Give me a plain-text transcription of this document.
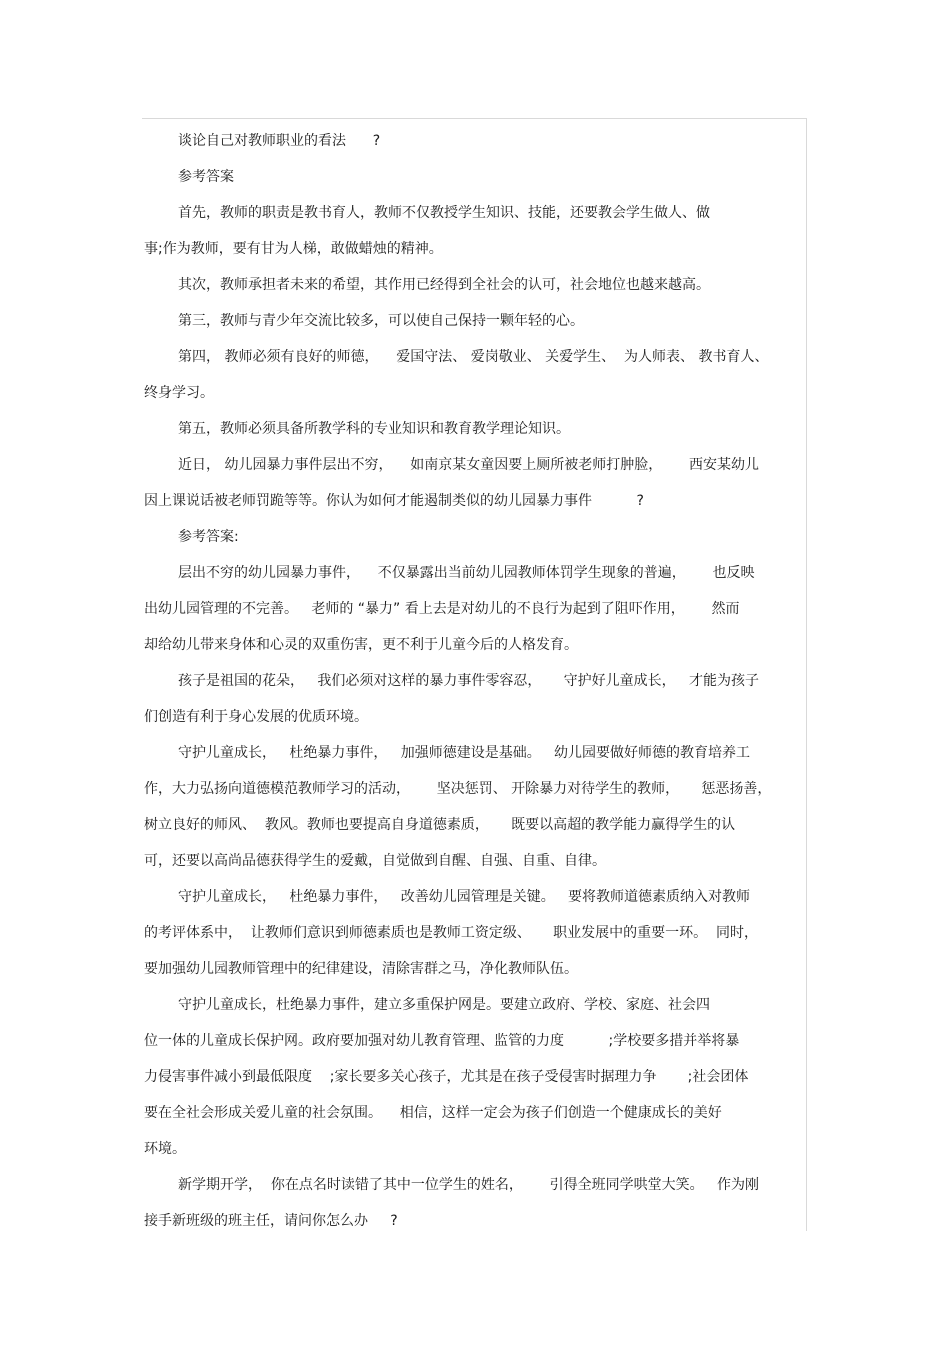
谈论自己对教师职业的看法      ?

参考答案

首先，教师的职责是教书育人，教师不仅教授学生知识、技能，还要教会学生做人、做

事;作为教师，要有甘为人梯，敢做蜡烛的精神。

其次，教师承担者未来的希望，其作用已经得到全社会的认可，社会地位也越来越高。

第三，教师与青少年交流比较多，可以使自己保持一颗年轻的心。

第四， 教师必须有良好的师德，    爱国守法、 爱岗敬业、 关爱学生、  为人师表、 教书育人、

终身学习。

第五，教师必须具备所教学科的专业知识和教育教学理论知识。

近日， 幼儿园暴力事件层出不穷，    如南京某女童因要上厕所被老师打肿脸，      西安某幼儿

因上课说话被老师罚跪等等。你认为如何才能遏制类似的幼儿园暴力事件          ?

参考答案:

层出不穷的幼儿园暴力事件，    不仅暴露出当前幼儿园教师体罚学生现象的普遍，      也反映

出幼儿园管理的不完善。   老师的 “暴力” 看上去是对幼儿的不良行为起到了阻吓作用，      然而

却给幼儿带来身体和心灵的双重伤害，更不利于儿童今后的人格发育。

孩子是祖国的花朵，   我们必须对这样的暴力事件零容忍，     守护好儿童成长，   才能为孩子

们创造有利于身心发展的优质环境。

守护儿童成长，   杜绝暴力事件，   加强师德建设是基础。   幼儿园要做好师德的教育培养工

作，大力弘扬向道德模范教师学习的活动，      坚决惩罚、 开除暴力对待学生的教师，     惩恶扬善，

树立良好的师风、  教风。教师也要提高自身道德素质，     既要以高超的教学能力赢得学生的认

可，还要以高尚品德获得学生的爱戴，自觉做到自醒、自强、自重、自律。

守护儿童成长，   杜绝暴力事件，   改善幼儿园管理是关键。   要将教师道德素质纳入对教师

的考评体系中，  让教师们意识到师德素质也是教师工资定级、     职业发展中的重要一环。  同时，

要加强幼儿园教师管理中的纪律建设，清除害群之马，净化教师队伍。

守护儿童成长，杜绝暴力事件，建立多重保护网是。要建立政府、学校、家庭、社会四

位一体的儿童成长保护网。政府要加强对幼儿教育管理、监管的力度          ;学校要多措并举将暴

力侵害事件减小到最低限度    ;家长要多关心孩子，尤其是在孩子受侵害时据理力争       ;社会团体

要在全社会形成关爱儿童的社会氛围。    相信，这样一定会为孩子们创造一个健康成长的美好

环境。

新学期开学，  你在点名时读错了其中一位学生的姓名，      引得全班同学哄堂大笑。   作为刚

接手新班级的班主任，请问你怎么办     ?
